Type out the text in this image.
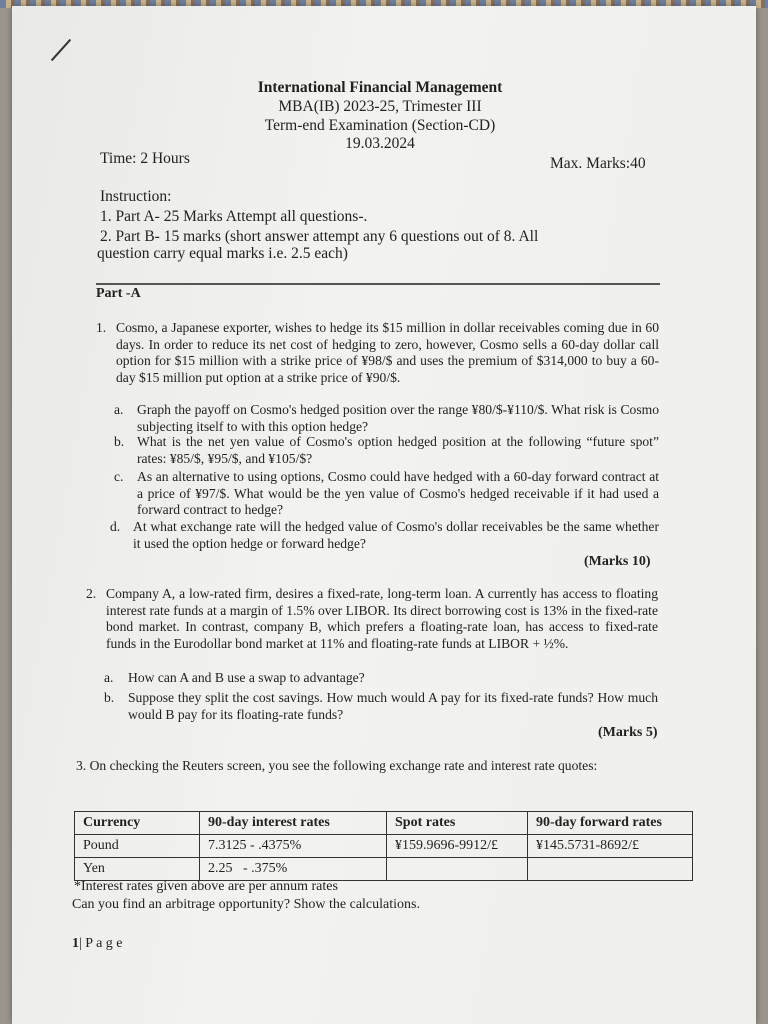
International Financial Management
MBA(IB) 2023-25, Trimester III
Term-end Examination (Section-CD)
19.03.2024
Time: 2 Hours	Max. Marks:40
Instruction:
1. Part A- 25 Marks Attempt all questions-.
2. Part B- 15 marks (short answer attempt any 6 questions out of 8. All
question carry equal marks i.e. 2.5 each)
Part -A
1. Cosmo, a Japanese exporter, wishes to hedge its $15 million in dollar receivables coming due in 60 days. In order to reduce its net cost of hedging to zero, however, Cosmo sells a 60-day dollar call option for $15 million with a strike price of ¥98/$ and uses the premium of $314,000 to buy a 60-day $15 million put option at a strike price of ¥90/$.
a. Graph the payoff on Cosmo's hedged position over the range ¥80/$-¥110/$. What risk is Cosmo subjecting itself to with this option hedge?
b. What is the net yen value of Cosmo's option hedged position at the following “future spot” rates: ¥85/$, ¥95/$, and ¥105/$?
c. As an alternative to using options, Cosmo could have hedged with a 60-day forward contract at a price of ¥97/$. What would be the yen value of Cosmo's hedged receivable if it had used a forward contract to hedge?
d. At what exchange rate will the hedged value of Cosmo's dollar receivables be the same whether it used the option hedge or forward hedge?
(Marks 10)
2. Company A, a low-rated firm, desires a fixed-rate, long-term loan. A currently has access to floating interest rate funds at a margin of 1.5% over LIBOR. Its direct borrowing cost is 13% in the fixed-rate bond market. In contrast, company B, which prefers a floating-rate loan, has access to fixed-rate funds in the Eurodollar bond market at 11% and floating-rate funds at LIBOR + ½%.
a.	How can A and B use a swap to advantage?
b.	Suppose they split the cost savings. How much would A pay for its fixed-rate funds? How much would B pay for its floating-rate funds?
(Marks 5)
3. On checking the Reuters screen, you see the following exchange rate and interest rate quotes:
Currency	90-day interest rates	Spot rates	90-day forward rates
Pound	7.3125 - .4375%	¥159.9696-9912/£	¥145.5731-8692/£
Yen	2.25   - .375%		
*Interest rates given above are per annum rates
Can you find an arbitrage opportunity? Show the calculations.
1| P a g e
